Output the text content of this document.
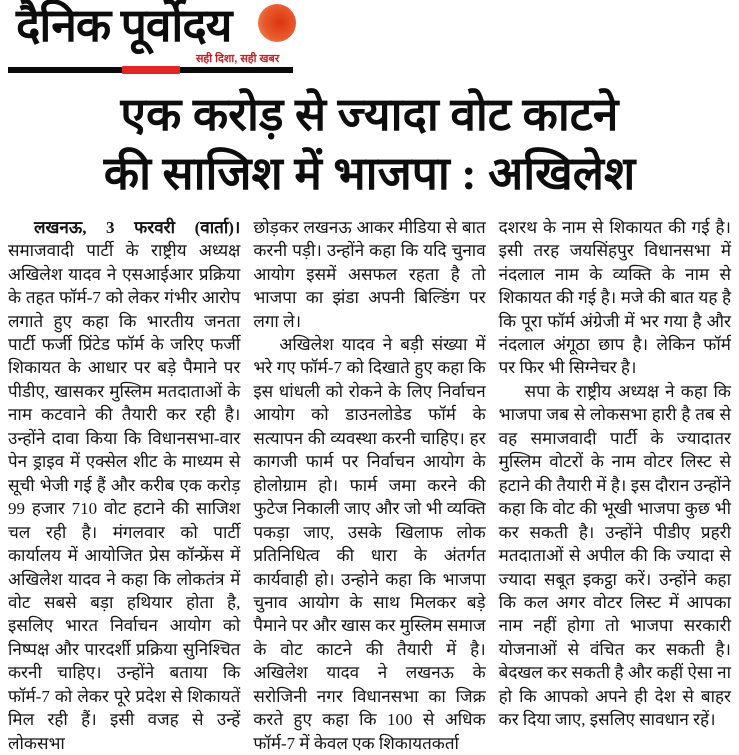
दैनिक पूर्वोदय
सही दिशा, सही खबर
एक करोड़ से ज्यादा वोट काटने
की साजिश में भाजपा : अखिलेश

लखनऊ, 3 फरवरी (वार्ता)। समाजवादी पार्टी के राष्ट्रीय अध्यक्ष अखिलेश यादव ने एसआईआर प्रक्रिया के तहत फॉर्म-7 को लेकर गंभीर आरोप लगाते हुए कहा कि भारतीय जनता पार्टी फर्जी प्रिंटेड फॉर्म के जरिए फर्जी शिकायत के आधार पर बड़े पैमाने पर पीडीए, खासकर मुस्लिम मतदाताओं के नाम कटवाने की तैयारी कर रही है। उन्होंने दावा किया कि विधानसभा-वार पेन ड्राइव में एक्सेल शीट के माध्यम से सूची भेजी गई हैं और करीब एक करोड़ 99 हजार 710 वोट हटाने की साजिश चल रही है। मंगलवार को पार्टी कार्यालय में आयोजित प्रेस कॉन्फ्रेंस में अखिलेश यादव ने कहा कि लोकतंत्र में वोट सबसे बड़ा हथियार होता है, इसलिए भारत निर्वाचन आयोग को निष्पक्ष और पारदर्शी प्रक्रिया सुनिश्चित करनी चाहिए। उन्होंने बताया कि फॉर्म-7 को लेकर पूरे प्रदेश से शिकायतें मिल रही हैं। इसी वजह से उन्हें लोकसभा

छोड़कर लखनऊ आकर मीडिया से बात करनी पड़ी। उन्होंने कहा कि यदि चुनाव आयोग इसमें असफल रहता है तो भाजपा का झंडा अपनी बिल्डिंग पर लगा ले।

अखिलेश यादव ने बड़ी संख्या में भरे गए फॉर्म-7 को दिखाते हुए कहा कि इस धांधली को रोकने के लिए निर्वाचन आयोग को डाउनलोडेड फॉर्म के सत्यापन की व्यवस्था करनी चाहिए। हर कागजी फार्म पर निर्वाचन आयोग के होलोग्राम हो। फार्म जमा करने की फुटेज निकाली जाए और जो भी व्यक्ति पकड़ा जाए, उसके खिलाफ लोक प्रतिनिधित्व की धारा के अंतर्गत कार्यवाही हो। उन्होने कहा कि भाजपा चुनाव आयोग के साथ मिलकर बड़े पैमाने पर और खास कर मुस्लिम समाज के वोट काटने की तैयारी में है। अखिलेश यादव ने लखनऊ के सरोजिनी नगर विधानसभा का जिक्र करते हुए कहा कि 100 से अधिक फॉर्म-7 में केवल एक शिकायतकर्ता

दशरथ के नाम से शिकायत की गई है। इसी तरह जयसिंहपुर विधानसभा में नंदलाल नाम के व्यक्ति के नाम से शिकायत की गई है। मजे की बात यह है कि पूरा फॉर्म अंग्रेजी में भर गया है और नंदलाल अंगूठा छाप है। लेकिन फॉर्म पर फिर भी सिग्नेचर है।

सपा के राष्ट्रीय अध्यक्ष ने कहा कि भाजपा जब से लोकसभा हारी है तब से वह समाजवादी पार्टी के ज्यादातर मुस्लिम वोटरों के नाम वोटर लिस्ट से हटाने की तैयारी में है। इस दौरान उन्होंने कहा कि वोट की भूखी भाजपा कुछ भी कर सकती है। उन्होंने पीडीए प्रहरी मतदाताओं से अपील की कि ज्यादा से ज्यादा सबूत इकट्ठा करें। उन्होंने कहा कि कल अगर वोटर लिस्ट में आपका नाम नहीं होगा तो भाजपा सरकारी योजनाओं से वंचित कर सकती है। बेदखल कर सकती है और कहीं ऐसा ना हो कि आपको अपने ही देश से बाहर कर दिया जाए, इसलिए सावधान रहें।
